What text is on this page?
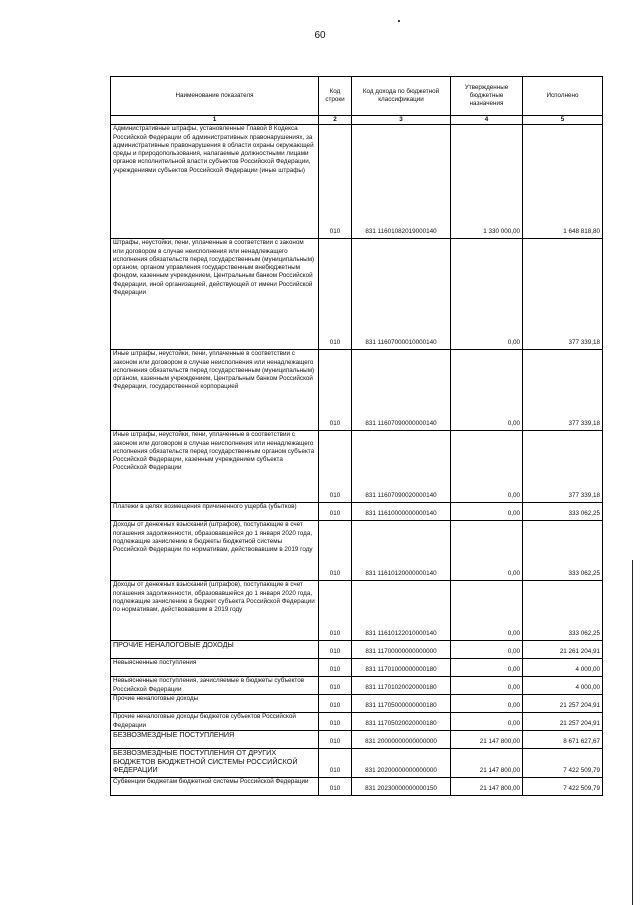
60
Наименование показателя	Код строки	Код дохода по бюджетной классификации	Утвержденные бюджетные назначения	Исполнено
1	2	3	4	5
Административные штрафы, установленные Главой 8 Кодекса Российской Федерации об административных правонарушениях, за административные правонарушения в области охраны окружающей среды и природопользования, налагаемые должностными лицами органов исполнительной власти субъектов Российской Федерации, учреждениями субъектов Российской Федерации (иные штрафы)	010	831 11601082019000140	1 330 000,00	1 648 818,80
Штрафы, неустойки, пени, уплаченные в соответствии с законом или договором в случае неисполнения или ненадлежащего исполнения обязательств перед государственным (муниципальным) органом, органом управления государственным внебюджетным фондом, казенным учреждением, Центральным банком Российской Федерации, иной организацией, действующей от имени Российской Федерации	010	831 11607000010000140	0,00	377 339,18
Иные штрафы, неустойки, пени, уплаченные в соответствии с законом или договором в случае неисполнения или ненадлежащего исполнения обязательств перед государственным (муниципальным) органом, казенным учреждением, Центральным банком Российской Федерации, государственной корпорацией	010	831 11607090000000140	0,00	377 339,18
Иные штрафы, неустойки, пени, уплаченные в соответствии с законом или договором в случае неисполнения или ненадлежащего исполнения обязательств перед государственным органом субъекта Российской Федерации, казенным учреждением субъекта Российской Федерации	010	831 11607090020000140	0,00	377 339,18
Платежи в целях возмещения причиненного ущерба (убытков)	010	831 11610000000000140	0,00	333 062,25
Доходы от денежных взысканий (штрафов), поступающие в счет погашения задолженности, образовавшейся до 1 января 2020 года, подлежащие зачислению в бюджеты бюджетной системы Российской Федерации по нормативам, действовавшим в 2019 году	010	831 11610120000000140	0,00	333 062,25
Доходы от денежных взысканий (штрафов), поступающие в счет погашения задолженности, образовавшейся до 1 января 2020 года, подлежащие зачислению в бюджет субъекта Российской Федерации по нормативам, действовавшим в 2019 году	010	831 11610122010000140	0,00	333 062,25
ПРОЧИЕ НЕНАЛОГОВЫЕ ДОХОДЫ	010	831 11700000000000000	0,00	21 261 204,91
Невыясненные поступления	010	831 11701000000000180	0,00	4 000,00
Невыясненные поступления, зачисляемые в бюджеты субъектов Российской Федерации	010	831 11701020020000180	0,00	4 000,00
Прочие неналоговые доходы	010	831 11705000000000180	0,00	21 257 204,91
Прочие неналоговые доходы бюджетов субъектов Российской Федерации	010	831 11705020020000180	0,00	21 257 204,91
БЕЗВОЗМЕЗДНЫЕ ПОСТУПЛЕНИЯ	010	831 20000000000000000	21 147 800,00	8 671 627,67
БЕЗВОЗМЕЗДНЫЕ ПОСТУПЛЕНИЯ ОТ ДРУГИХ БЮДЖЕТОВ БЮДЖЕТНОЙ СИСТЕМЫ РОССИЙСКОЙ ФЕДЕРАЦИИ	010	831 20200000000000000	21 147 800,00	7 422 509,79
Субвенции бюджетам бюджетной системы Российской Федерации	010	831 20230000000000150	21 147 800,00	7 422 509,79
